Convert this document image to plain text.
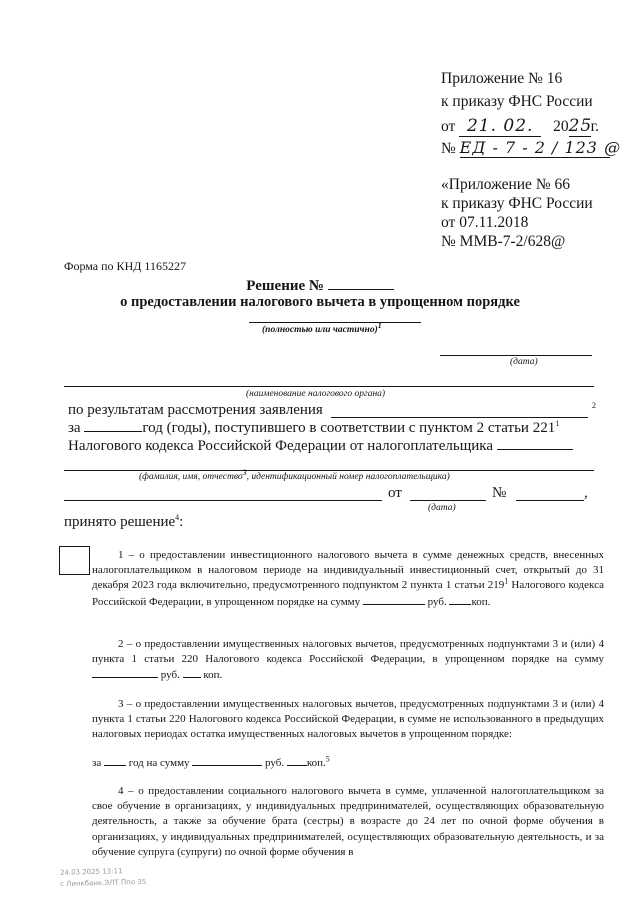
Приложение № 16
к приказу ФНС России
от 21. 02. 2025г.
№ ЕД - 7 - 2 / 123 @
«Приложение № 66
к приказу ФНС России
от 07.11.2018
№ ММВ-7-2/628@
Форма по КНД 1165227
Решение №
о предоставлении налогового вычета в упрощенном порядке
(полностью или частично)$^1$
(дата)
(наименование налогового органа)
по результатам рассмотрения заявления	2
за	год (годы), поступившего в соответствии с пунктом 2 статьи $221^1$
Налогового кодекса Российской Федерации от налогоплательщика
(фамилия, имя, отчество$^3$, идентификационный номер налогоплательщика)
от	№	,
(дата)
принято решение$^4$:
1 – о предоставлении инвестиционного налогового вычета в сумме денежных средств, внесенных налогоплательщиком в налоговом периоде на индивидуальный инвестиционный счет, открытый до 31 декабря 2023 года включительно, предусмотренного подпунктом 2 пункта 1 статьи $219^1$ Налогового кодекса Российской Федерации, в упрощенном порядке на сумму	руб. коп.
2 – о предоставлении имущественных налоговых вычетов, предусмотренных подпунктами 3 и (или) 4 пункта 1 статьи 220 Налогового кодекса Российской Федерации, в упрощенном порядке на сумму  руб. коп.
3 – о предоставлении имущественных налоговых вычетов, предусмотренных подпунктами 3 и (или) 4 пункта 1 статьи 220 Налогового кодекса Российской Федерации, в сумме не использованного в предыдущих налоговых периодах остатка имущественных налоговых вычетов в упрощенном порядке:
за	год на сумму	руб. коп.$^5$
4 – о предоставлении социального налогового вычета в сумме, уплаченной налогоплательщиком за свое обучение в организациях, у индивидуальных предпринимателей, осуществляющих образовательную деятельность, а также за обучение брата (сестры) в возрасте до 24 лет по очной форме обучения в организациях, у индивидуальных предпринимателей, осуществляющих образовательную деятельность, и за обучение супруга (супруги) по очной форме обучения в
24.03.2025 13:11
с Линкбанк.ЭЛТ Ппо 35
